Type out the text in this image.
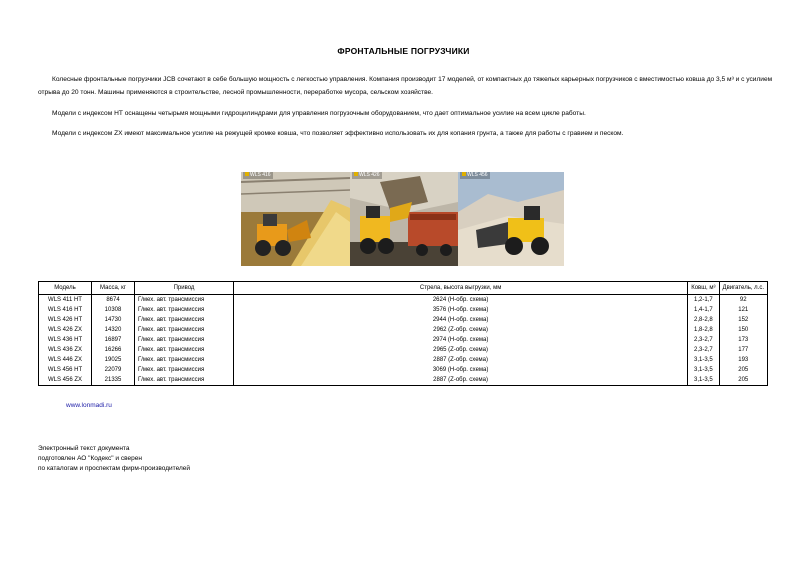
ФРОНТАЛЬНЫЕ ПОГРУЗЧИКИ

Колесные фронтальные погрузчики JCB сочетают в себе большую мощность с легкостью управления. Компания производит 17 моделей, от компактных до тяжелых карьерных погрузчиков с вместимостью ковша до 3,5 м³ и с усилием отрыва до 20 тонн. Машины применяются в строительстве, лесной промышленности, переработке мусора, сельском хозяйстве.

Модели с индексом НТ оснащены четырьмя мощными гидроцилиндрами для управления погрузочным оборудованием, что дает оптимальное усилие на всем цикле работы.

Модели с индексом ZX имеют максимальное усилие на режущей кромке ковша, что позволяет эффективно использовать их для копания грунта, а также для работы с гравием и песком.

WLS 416	WLS 426	WLS 456
Модель	Масса, кг	Привод	Стрела, высота выгрузки, мм	Ковш, м³	Двигатель, л.с.
WLS 411 HT	8674	Г/мех. авт. трансмиссия	2624 (Н-обр. схема)	1,2-1,7	92
WLS 416 HT	10308	Г/мех. авт. трансмиссия	3576 (Н-обр. схема)	1,4-1,7	121
WLS 426 HT	14730	Г/мех. авт. трансмиссия	2944 (Н-обр. схема)	2,8-2,8	152
WLS 426 ZX	14320	Г/мех. авт. трансмиссия	2962 (Z-обр. схема)	1,8-2,8	150
WLS 436 HT	16897	Г/мех. авт. трансмиссия	2974 (Н-обр. схема)	2,3-2,7	173
WLS 436 ZX	16266	Г/мех. авт. трансмиссия	2965 (Z-обр. схема)	2,3-2,7	177
WLS 446 ZX	19025	Г/мех. авт. трансмиссия	2887 (Z-обр. схема)	3,1-3,5	193
WLS 456 HT	22079	Г/мех. авт. трансмиссия	3069 (Н-обр. схема)	3,1-3,5	205
WLS 456 ZX	21335	Г/мех. авт. трансмиссия	2887 (Z-обр. схема)	3,1-3,5	205
www.lonmadi.ru
Электронный текст документа
подготовлен АО "Кодекс" и сверен
по каталогам и проспектам фирм-производителей
